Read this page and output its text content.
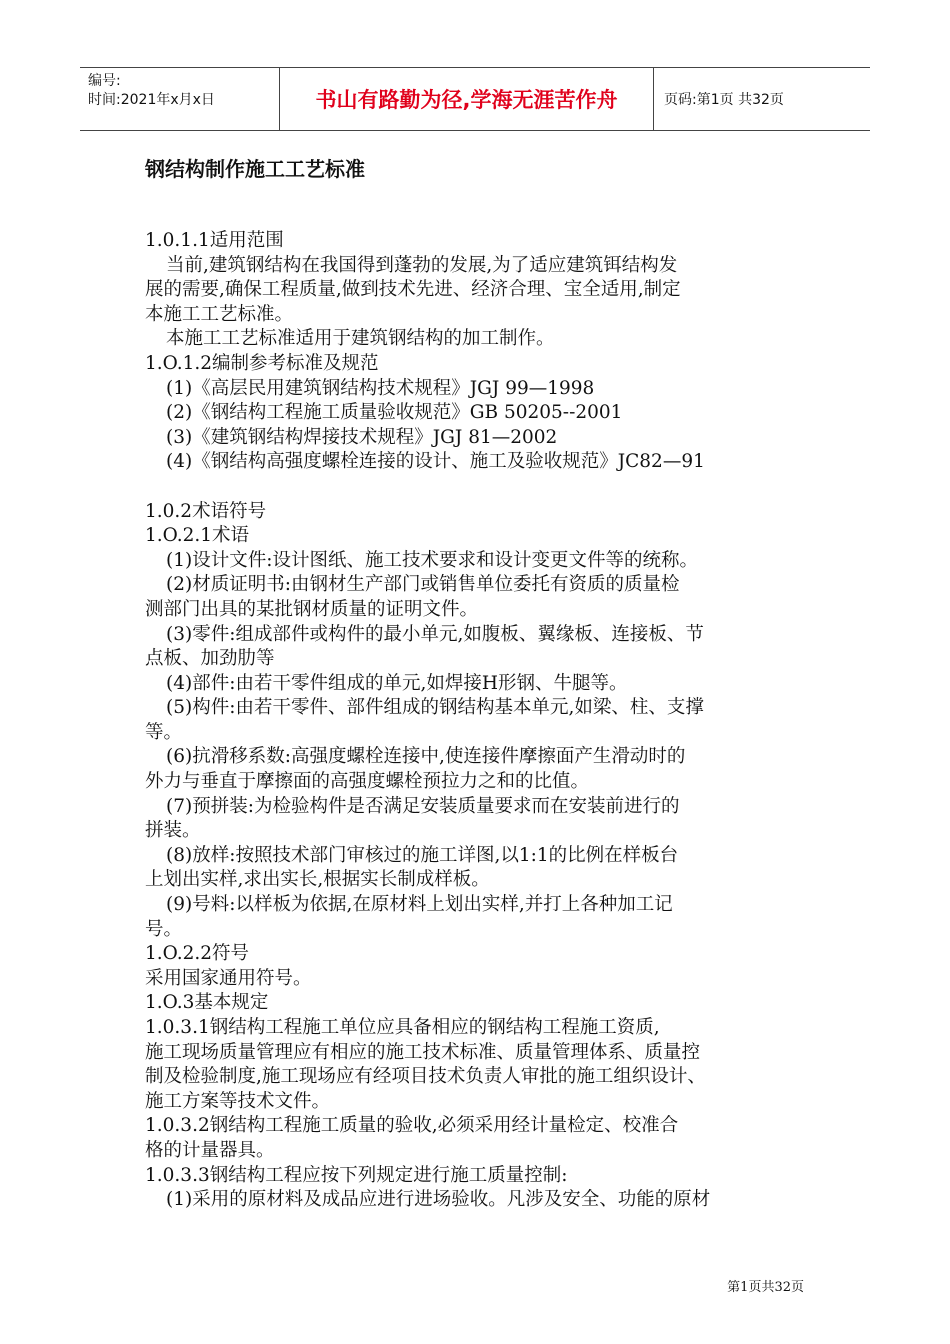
编号:
时间:2021年x月x日	书山有路勤为径,学海无涯苦作舟	页码:第1页 共32页
钢结构制作施工工艺标准

1.0.1.1适用范围

当前,建筑钢结构在我国得到蓬勃的发展,为了适应建筑铒结构发

展的需要,确保工程质量,做到技术先进、经济合理、宝全适用,制定

本施工工艺标准。

本施工工艺标准适用于建筑钢结构的加工制作。

1.O.1.2编制参考标准及规范

(1)《高层民用建筑钢结构技术规程》JGJ 99—1998

(2)《钢结构工程施工质量验收规范》GB 50205--2001

(3)《建筑钢结构焊接技术规程》JGJ 81—2002

(4)《钢结构高强度螺栓连接的设计、施工及验收规范》JC82—91

1.0.2术语符号

1.O.2.1术语

(1)设计文件:设计图纸、施工技术要求和设计变更文件等的统称。

(2)材质证明书:由钢材生产部门或销售单位委托有资质的质量检

测部门出具的某批钢材质量的证明文件。

(3)零件:组成部件或构件的最小单元,如腹板、翼缘板、连接板、节

点板、加劲肋等

(4)部件:由若干零件组成的单元,如焊接H形钢、牛腿等。

(5)构件:由若干零件、部件组成的钢结构基本单元,如梁、柱、支撑

等。

(6)抗滑移系数:高强度螺栓连接中,使连接件摩擦面产生滑动时的

外力与垂直于摩擦面的高强度螺栓预拉力之和的比值。

(7)预拼装:为检验构件是否满足安装质量要求而在安装前进行的

拼装。

(8)放样:按照技术部门审核过的施工详图,以1:1的比例在样板台

上划出实样,求出实长,根据实长制成样板。

(9)号料:以样板为依据,在原材料上划出实样,并打上各种加工记

号。

1.O.2.2符号

采用国家通用符号。

1.O.3基本规定

1.0.3.1钢结构工程施工单位应具备相应的钢结构工程施工资质,

施工现场质量管理应有相应的施工技术标准、质量管理体系、质量控

制及检验制度,施工现场应有经项目技术负责人审批的施工组织设计、

施工方案等技术文件。

1.0.3.2钢结构工程施工质量的验收,必须采用经计量检定、校准合

格的计量器具。

1.0.3.3钢结构工程应按下列规定进行施工质量控制:

(1)采用的原材料及成品应进行进场验收。凡涉及安全、功能的原材

第1页共32页
